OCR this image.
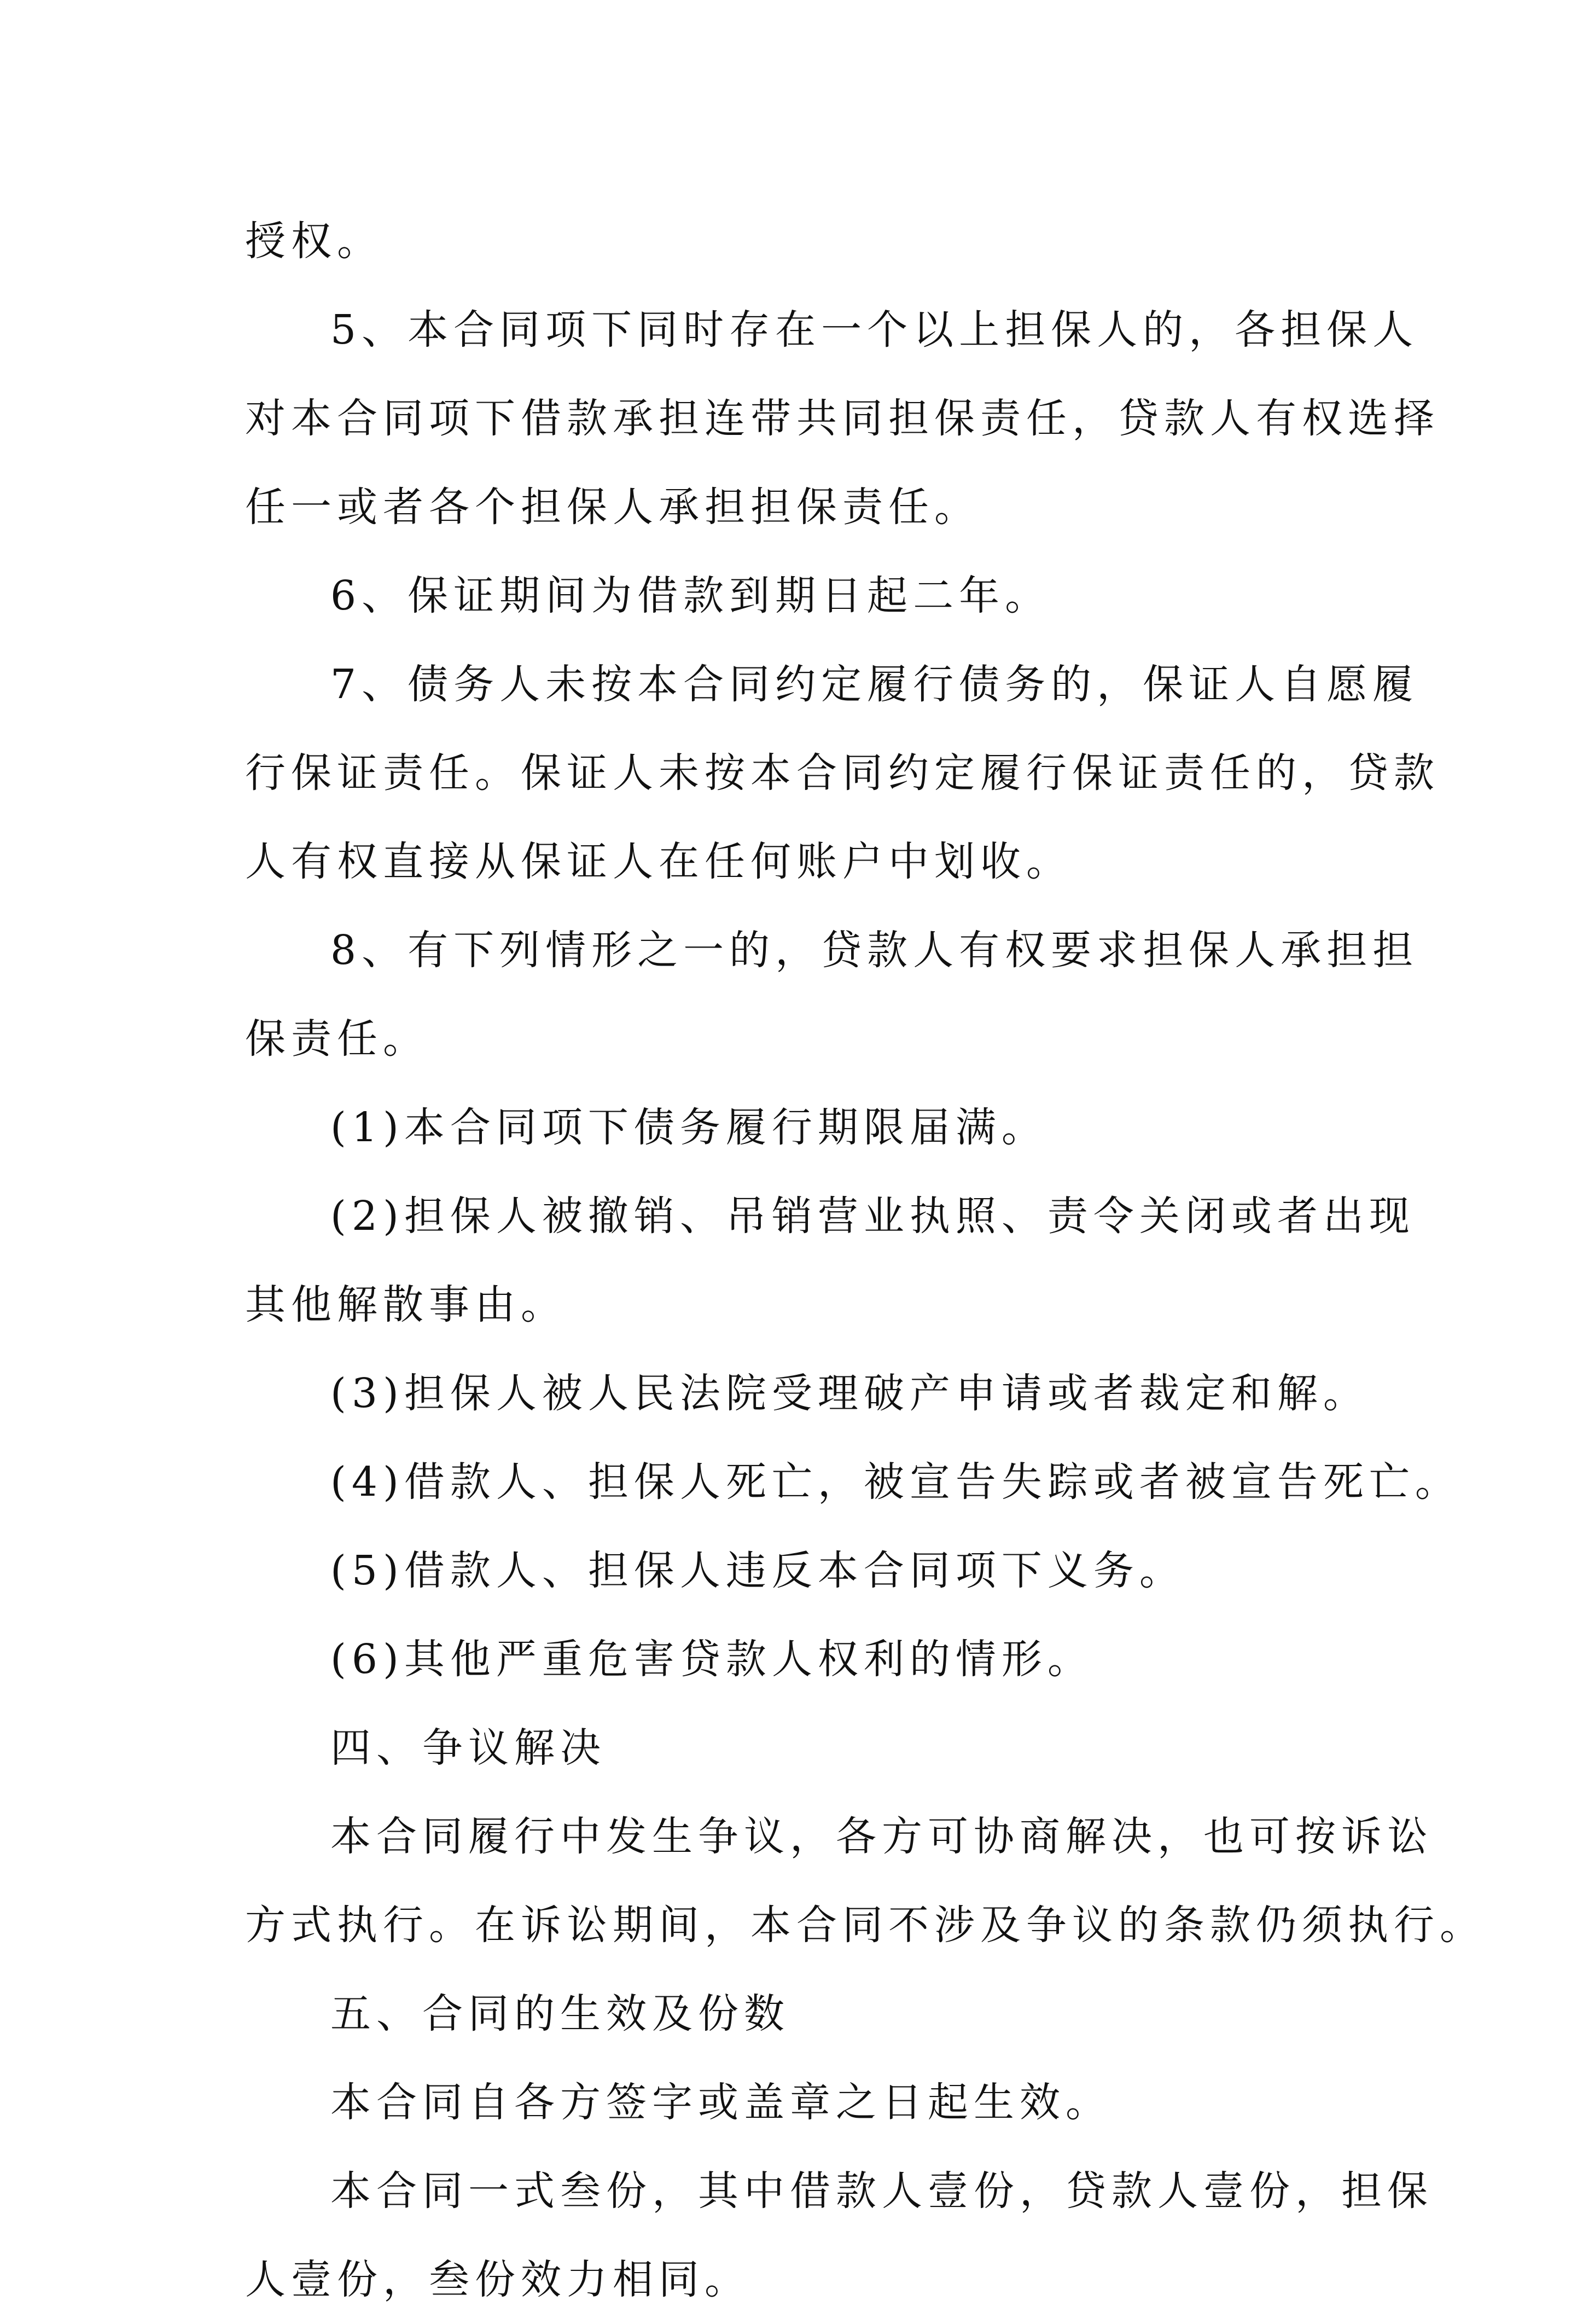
授权。
5、本合同项下同时存在一个以上担保人的，各担保人
对本合同项下借款承担连带共同担保责任，贷款人有权选择
任一或者各个担保人承担担保责任。
6、保证期间为借款到期日起二年。
7、债务人未按本合同约定履行债务的，保证人自愿履
行保证责任。保证人未按本合同约定履行保证责任的，贷款
人有权直接从保证人在任何账户中划收。
8、有下列情形之一的，贷款人有权要求担保人承担担
保责任。
(1)本合同项下债务履行期限届满。
(2)担保人被撤销、吊销营业执照、责令关闭或者出现
其他解散事由。
(3)担保人被人民法院受理破产申请或者裁定和解。
(4)借款人、担保人死亡，被宣告失踪或者被宣告死亡。
(5)借款人、担保人违反本合同项下义务。
(6)其他严重危害贷款人权利的情形。
四、争议解决
本合同履行中发生争议，各方可协商解决，也可按诉讼
方式执行。在诉讼期间，本合同不涉及争议的条款仍须执行。
五、合同的生效及份数
本合同自各方签字或盖章之日起生效。
本合同一式叁份，其中借款人壹份，贷款人壹份，担保
人壹份，叁份效力相同。
